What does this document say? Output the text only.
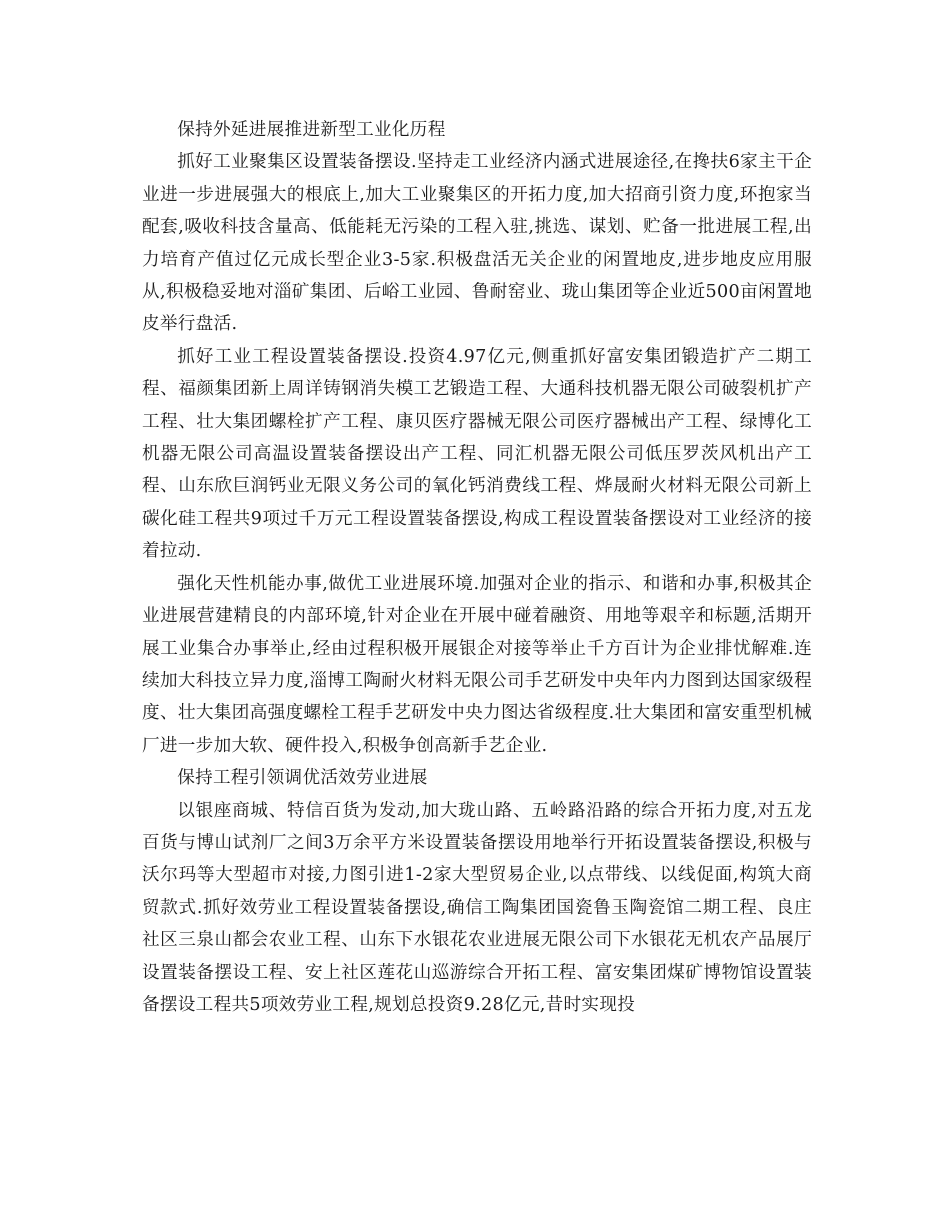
保持外延进展推进新型工业化历程

抓好工业聚集区设置装备摆设.坚持走工业经济内涵式进展途径,在搀扶6家主干企业进一步进展强大的根底上,加大工业聚集区的开拓力度,加大招商引资力度,环抱家当配套,吸收科技含量高、低能耗无污染的工程入驻,挑选、谋划、贮备一批进展工程,出力培育产值过亿元成长型企业3-5家.积极盘活无关企业的闲置地皮,进步地皮应用服从,积极稳妥地对淄矿集团、后峪工业园、鲁耐窑业、珑山集团等企业近500亩闲置地皮举行盘活.

抓好工业工程设置装备摆设.投资4.97亿元,侧重抓好富安集团锻造扩产二期工程、福颜集团新上周详铸钢消失模工艺锻造工程、大通科技机器无限公司破裂机扩产工程、壮大集团螺栓扩产工程、康贝医疗器械无限公司医疗器械出产工程、绿博化工机器无限公司高温设置装备摆设出产工程、同汇机器无限公司低压罗茨风机出产工程、山东欣巨润钙业无限义务公司的氧化钙消费线工程、烨晟耐火材料无限公司新上碳化硅工程共9项过千万元工程设置装备摆设,构成工程设置装备摆设对工业经济的接着拉动.

强化天性机能办事,做优工业进展环境.加强对企业的指示、和谐和办事,积极其企业进展营建精良的内部环境,针对企业在开展中碰着融资、用地等艰辛和标题,活期开展工业集合办事举止,经由过程积极开展银企对接等举止千方百计为企业排忧解难.连续加大科技立异力度,淄博工陶耐火材料无限公司手艺研发中央年内力图到达国家级程度、壮大集团高强度螺栓工程手艺研发中央力图达省级程度.壮大集团和富安重型机械厂进一步加大软、硬件投入,积极争创高新手艺企业.

保持工程引领调优活效劳业进展

以银座商城、特信百货为发动,加大珑山路、五岭路沿路的综合开拓力度,对五龙百货与博山试剂厂之间3万余平方米设置装备摆设用地举行开拓设置装备摆设,积极与沃尔玛等大型超市对接,力图引进1-2家大型贸易企业,以点带线、以线促面,构筑大商贸款式.抓好效劳业工程设置装备摆设,确信工陶集团国瓷鲁玉陶瓷馆二期工程、良庄社区三泉山都会农业工程、山东下水银花农业进展无限公司下水银花无机农产品展厅设置装备摆设工程、安上社区莲花山巡游综合开拓工程、富安集团煤矿博物馆设置装备摆设工程共5项效劳业工程,规划总投资9.28亿元,昔时实现投
